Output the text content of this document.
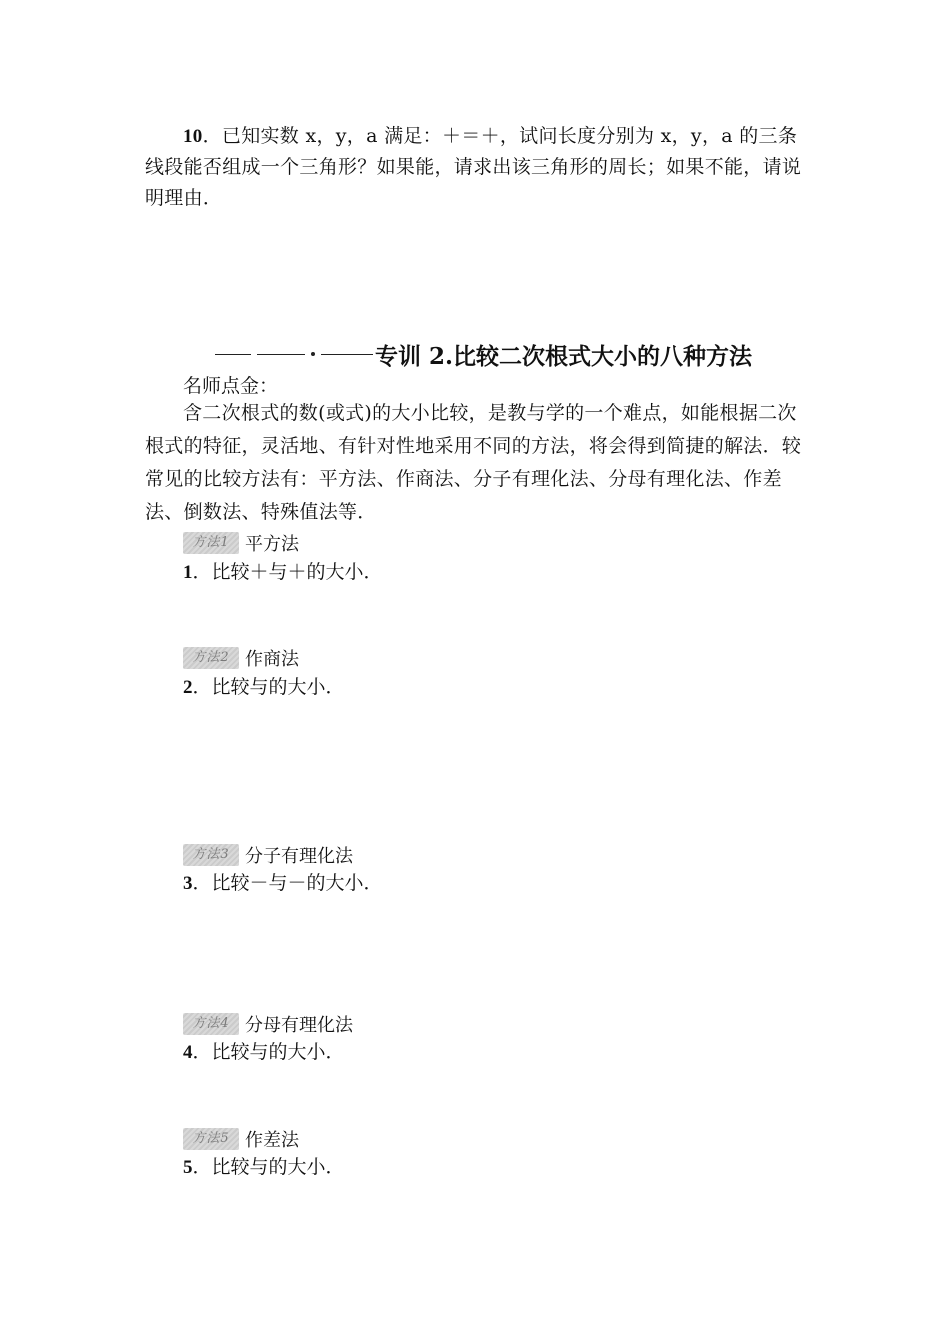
10．已知实数 x，y，a 满足：＋＝＋，试问长度分别为 x，y，a 的三条线段能否组成一个三角形？如果能，请求出该三角形的周长；如果不能，请说明理由．
专训 2.比较二次根式大小的八种方法
名师点金：
含二次根式的数(或式)的大小比较，是教与学的一个难点，如能根据二次根式的特征，灵活地、有针对性地采用不同的方法，将会得到简捷的解法．较常见的比较方法有：平方法、作商法、分子有理化法、分母有理化法、作差法、倒数法、特殊值法等．
方法1 平方法
1．比较＋与＋的大小．
方法2 作商法
2．比较与的大小．
方法3 分子有理化法
3．比较－与－的大小．
方法4 分母有理化法
4．比较与的大小．
方法5 作差法
5．比较与的大小．
